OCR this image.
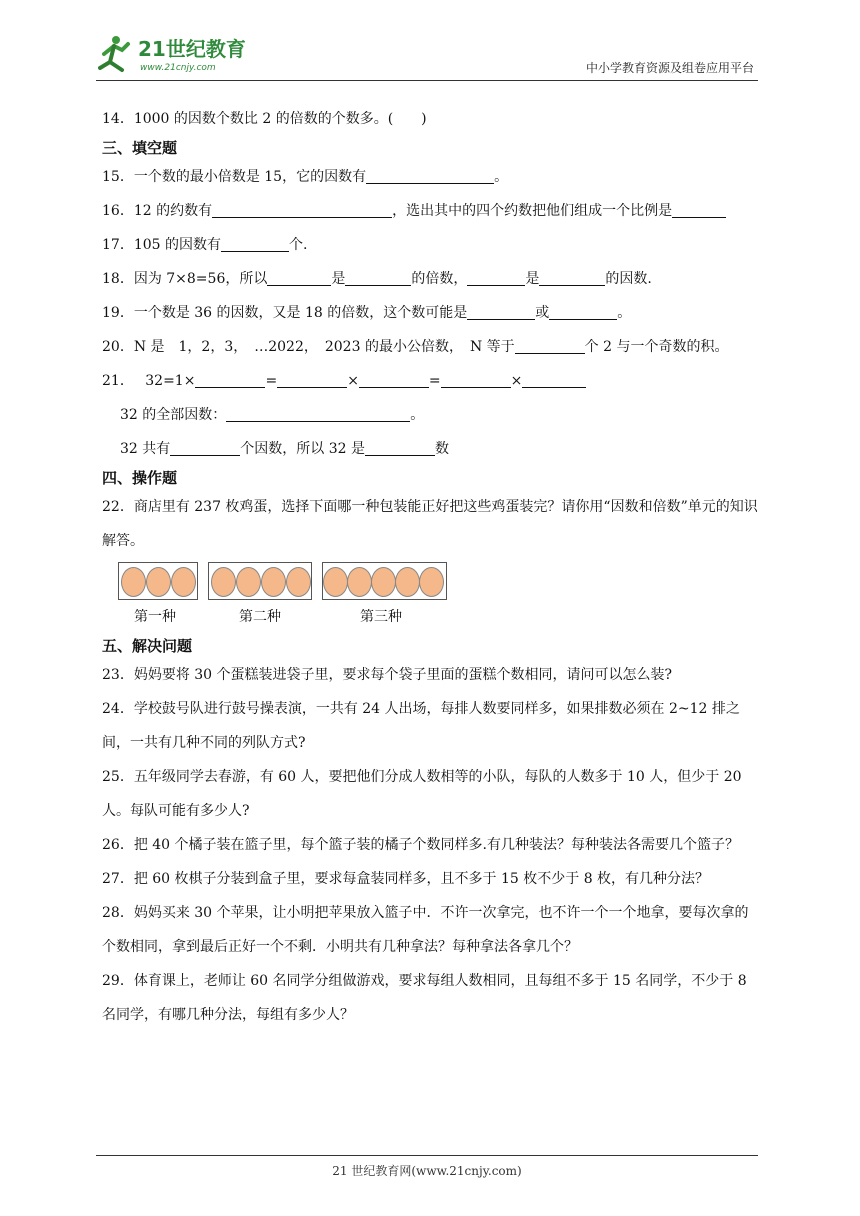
21世纪教育
www.21cnjy.com	中小学教育资源及组卷应用平台
14．1000 的因数个数比 2 的倍数的个数多。(　　)
三、填空题
15．一个数的最小倍数是 15，它的因数有	。
16．12 的约数有	，选出其中的四个约数把他们组成一个比例是
17．105 的因数有	个.
18．因为 7×8=56，所以	是	的倍数，	是	的因数.
19．一个数是 36 的因数，又是 18 的倍数，这个数可能是	或	。
20．N 是　1，2，3，　…2022，　2023 的最小公倍数，　N 等于	个 2 与一个奇数的积。
21．　 32=1×	=	×	=	×
32 的全部因数：	。
32 共有	个因数，所以 32 是	数
四、操作题
22．商店里有 237 枚鸡蛋，选择下面哪一种包装能正好把这些鸡蛋装完？请你用“因数和倍数”单元的知识解答。
第一种	第二种	第三种
五、解决问题
23．妈妈要将 30 个蛋糕装进袋子里，要求每个袋子里面的蛋糕个数相同，请问可以怎么装?
24．学校鼓号队进行鼓号操表演，一共有 24 人出场，每排人数要同样多，如果排数必须在 2~12 排之间，一共有几种不同的列队方式?
25．五年级同学去春游，有 60 人，要把他们分成人数相等的小队，每队的人数多于 10 人，但少于 20 人。每队可能有多少人?
26．把 40 个橘子装在篮子里，每个篮子装的橘子个数同样多.有几种装法？每种装法各需要几个篮子？
27．把 60 枚棋子分装到盒子里，要求每盒装同样多，且不多于 15 枚不少于 8 枚，有几种分法？
28．妈妈买来 30 个苹果，让小明把苹果放入篮子中．不许一次拿完，也不许一个一个地拿，要每次拿的个数相同，拿到最后正好一个不剩．小明共有几种拿法？每种拿法各拿几个？
29．体育课上，老师让 60 名同学分组做游戏，要求每组人数相同，且每组不多于 15 名同学，不少于 8 名同学，有哪几种分法，每组有多少人？
21 世纪教育网(www.21cnjy.com)
